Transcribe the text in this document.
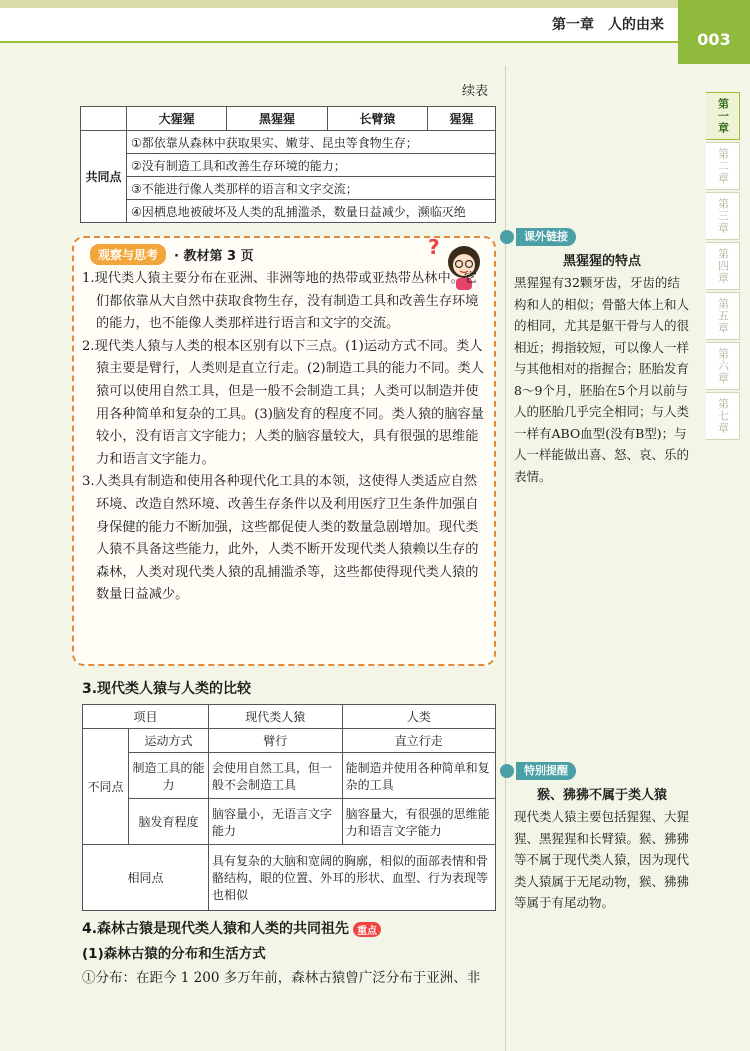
第一章　人的由来
003
第一章
第二章
第三章
第四章
第五章
第六章
第七章
续表
	大猩猩	黑猩猩	长臂猿	猩猩
共同点	①都依靠从森林中获取果实、嫩芽、昆虫等食物生存；			
	②没有制造工具和改善生存环境的能力；			
	③不能进行像人类那样的语言和文字交流；			
	④因栖息地被破坏及人类的乱捕滥杀，数量日益减少，濒临灭绝			
观察与思考	· 教材第 3 页	?
1.现代类人猿主要分布在亚洲、非洲等地的热带或亚热带丛林中。它们都依靠从大自然中获取食物生存，没有制造工具和改善生存环境的能力，也不能像人类那样进行语言和文字的交流。
2.现代类人猿与人类的根本区别有以下三点。(1)运动方式不同。类人猿主要是臂行，人类则是直立行走。(2)制造工具的能力不同。类人猿可以使用自然工具，但是一般不会制造工具；人类可以制造并使用各种简单和复杂的工具。(3)脑发育的程度不同。类人猿的脑容量较小，没有语言文字能力；人类的脑容量较大，具有很强的思维能力和语言文字能力。
3.人类具有制造和使用各种现代化工具的本领，这使得人类适应自然环境、改造自然环境、改善生存条件以及利用医疗卫生条件加强自身保健的能力不断加强，这些都促使人类的数量急剧增加。现代类人猿不具备这些能力，此外，人类不断开发现代类人猿赖以生存的森林，人类对现代类人猿的乱捕滥杀等，这些都使得现代类人猿的数量日益减少。
3.现代类人猿与人类的比较
项目		现代类人猿	人类
不同点	运动方式	臂行	直立行走
	制造工具的能力	会使用自然工具，但一般不会制造工具	能制造并使用各种简单和复杂的工具
	脑发育程度	脑容量小，无语言文字能力	脑容量大，有很强的思维能力和语言文字能力
相同点		具有复杂的大脑和宽阔的胸廓，相似的面部表情和骨骼结构，眼的位置、外耳的形状、血型、行为表现等也相似	
4.森林古猿是现代类人猿和人类的共同祖先 重点
(1)森林古猿的分布和生活方式
①分布：在距今 1 200 多万年前，森林古猿曾广泛分布于亚洲、非
课外链接
黑猩猩的特点
黑猩猩有32颗牙齿，牙齿的结构和人的相似；骨骼大体上和人的相同，尤其是躯干骨与人的很相近；拇指较短，可以像人一样与其他相对的指握合；胚胎发育8～9个月，胚胎在5个月以前与人的胚胎几乎完全相同；与人类一样有ABO血型(没有B型)；与人一样能做出喜、怒、哀、乐的表情。
特别提醒
猴、狒狒不属于类人猿
现代类人猿主要包括猩猩、大猩猩、黑猩猩和长臂猿。猴、狒狒等不属于现代类人猿，因为现代类人猿属于无尾动物，猴、狒狒等属于有尾动物。
